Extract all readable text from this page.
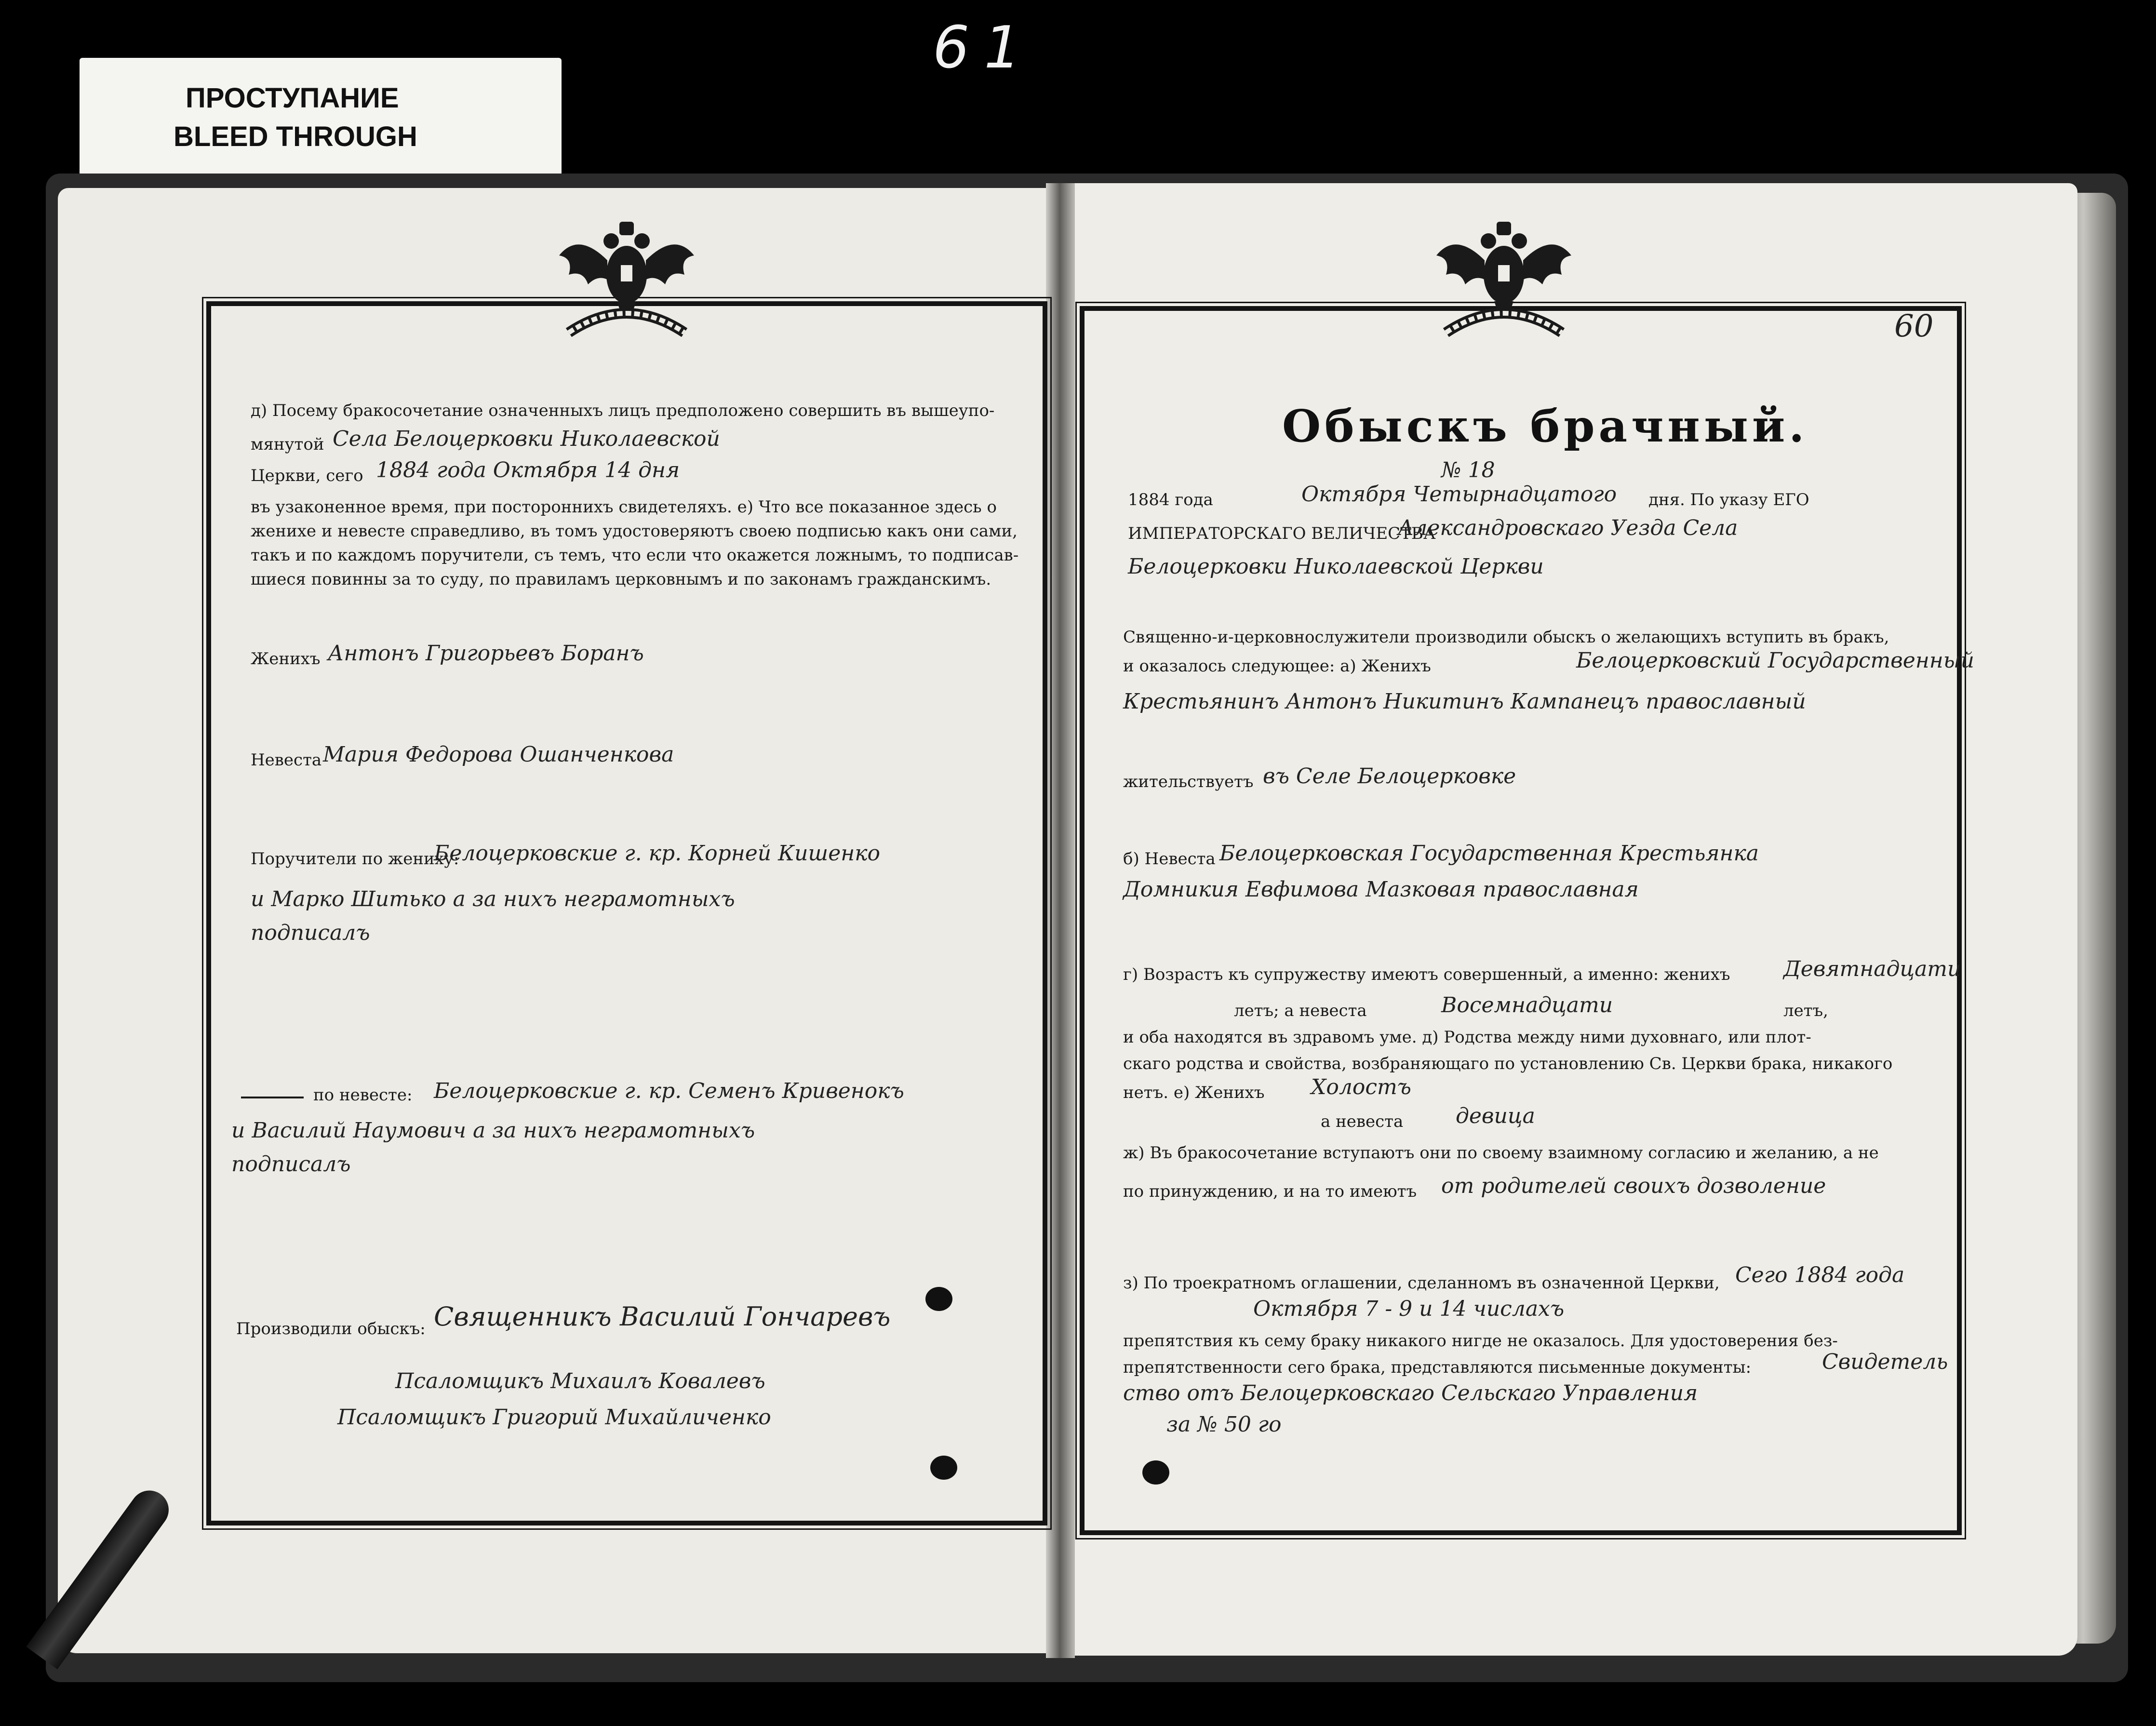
61
ПРОСТУПАНИЕ
BLEED THROUGH
д) Посему бракосочетание означенныхъ лицъ предположено совершить въ вышеупо-
мянутой Села Белоцерковки Николаевской
Церкви, сего 1884 года Октября 14 дня
въ узаконенное время, при постороннихъ свидетеляхъ. е) Что все показанное здесь о
женихе и невесте справедливо, въ томъ удостоверяютъ своею подписью какъ они сами,
такъ и по каждомъ поручители, съ темъ, что если что окажется ложнымъ, то подписав-
шиеся повинны за то суду, по правиламъ церковнымъ и по законамъ гражданскимъ.
Женихъ Антонъ Григорьевъ Боранъ
Невеста Мария Федорова Ошанченкова
Поручители по жениху:
Белоцерковские г. кр. Корней Кишенко
и Марко Шитько а за нихъ неграмотныхъ
подписалъ
по невесте: Белоцерковские г. кр. Семенъ Кривенокъ
и Василий Наумович а за нихъ неграмотныхъ
подписалъ
Производили обыскъ: Священникъ Василий Гончаревъ
Псаломщикъ Михаилъ Ковалевъ
Псаломщикъ Григорий Михайличенко
60
Обыскъ брачный.
№ 18
1884 года	Октября Четырнадцатого дня. По указу ЕГО
ИМПЕРАТОРСКАГО ВЕЛИЧЕСТВА
Александровскаго Уезда Села
Белоцерковки Николаевской Церкви
Священно-и-церковнослужители производили обыскъ о желающихъ вступить въ бракъ,
и оказалось следующее: а) Женихъ	Белоцерковский Государственный
Крестьянинъ Антонъ Никитинъ Кампанецъ православный
жительствуетъ въ Селе Белоцерковке
б) Невеста Белоцерковская Государственная Крестьянка
Домникия Евфимова Мазковая православная
г) Возрастъ къ супружеству имеютъ совершенный, а именно: женихъ	Девятнадцати
летъ; а невеста	Восемнадцати	летъ,
и оба находятся въ здравомъ уме. д) Родства между ними духовнаго, или плот-
скаго родства и свойства, возбраняющаго по установлению Св. Церкви брака, никакого
нетъ. е) Женихъ Холостъ
а невеста девица
ж) Въ бракосочетание вступаютъ они по своему взаимному согласию и желанию, а не
по принуждению, и на то имеютъ от родителей своихъ дозволение
з) По троекратномъ оглашении, сделанномъ въ означенной Церкви, Сего 1884 года
Октября 7 - 9 и 14 числахъ
препятствия къ сему браку никакого нигде не оказалось. Для удостоверения без-
препятственности сего брака, представляются письменные документы:	Свидетель
ство отъ Белоцерковскаго Сельскаго Управления
за № 50 го
